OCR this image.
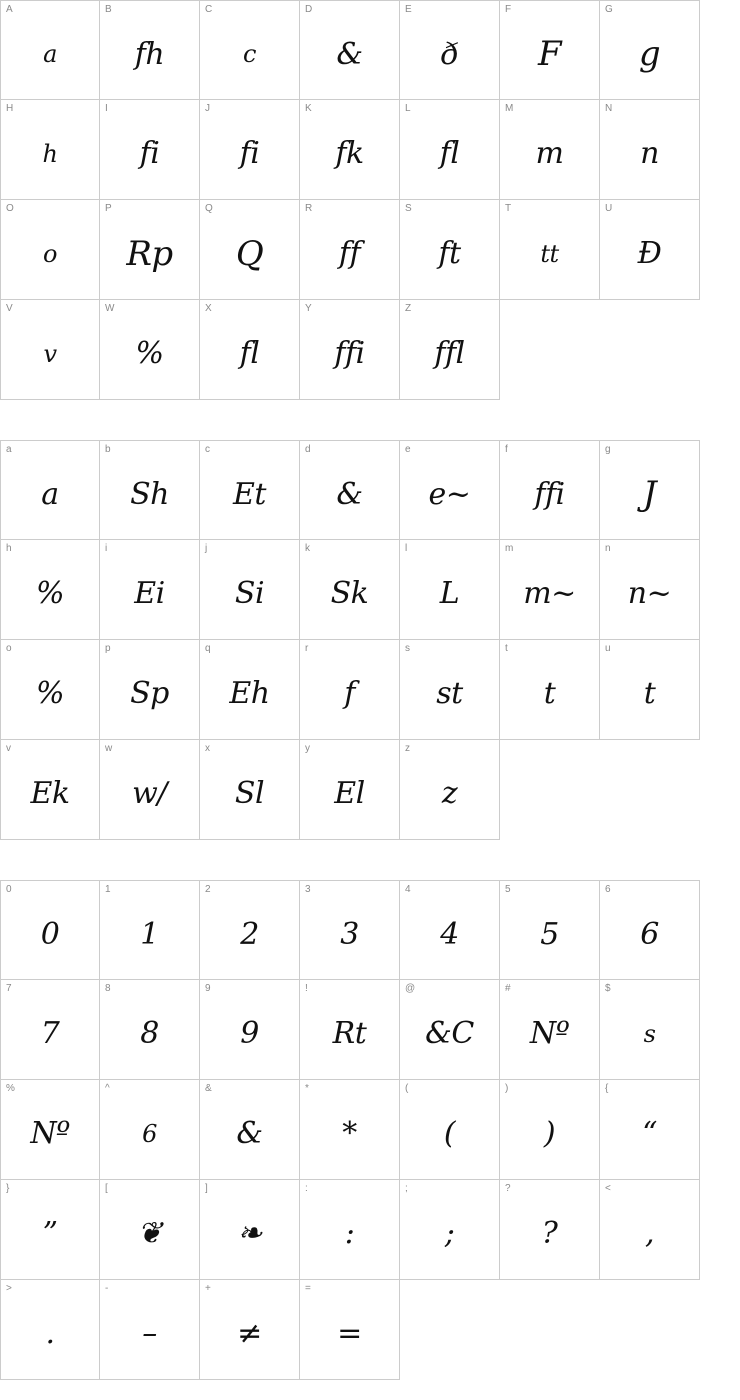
A
a
B
fh
C
c
D
&
E
ð
F
F
G
g
H
h
I
fi
J
fi
K
fk
L
fl
M
m
N
n
O
o
P
Rp
Q
Q
R
ff
S
ft
T
tt
U
Ð
V
v
W
%
X
fl
Y
ffi
Z
ffl
a
a
b
Sh
c
Et
d
&
e
e~
f
ffi
g
J
h
%
i
Ei
j
Si
k
Sk
l
L
m
m~
n
n~
o
%
p
Sp
q
Eh
r
f
s
st
t
t
u
t
v
Ek
w
w/
x
Sl
y
El
z
z
0
0
1
1
2
2
3
3
4
4
5
5
6
6
7
7
8
8
9
9
!
Rt
@
&C
#
Nº
$
s
%
Nº
^
6
&
&
*
*
(
(
)
)
{
“
}
”
[
❦
]
❧
:
:
;
;
?
?
<
,
>
.
-
–
+
≠
=
=
